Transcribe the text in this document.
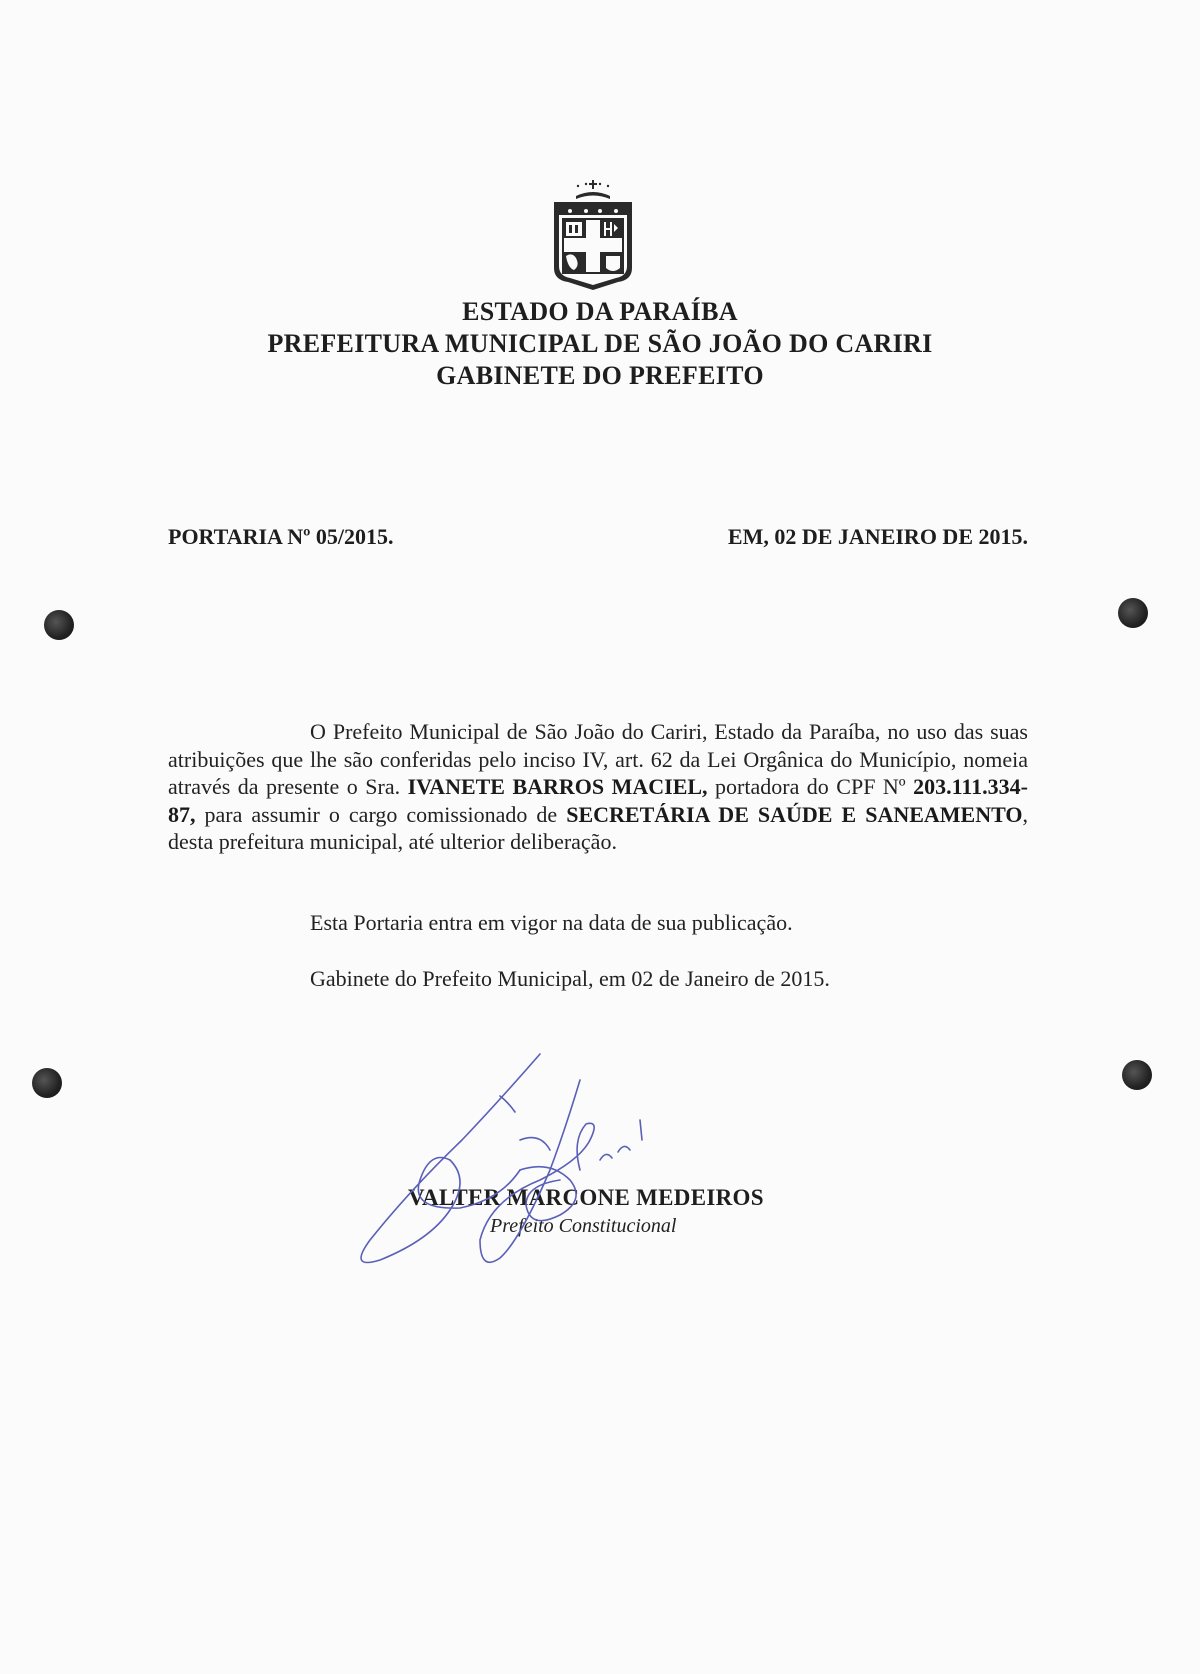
ESTADO DA PARAÍBA
PREFEITURA MUNICIPAL DE SÃO JOÃO DO CARIRI
GABINETE DO PREFEITO
PORTARIA Nº 05/2015.	EM, 02 DE JANEIRO DE 2015.

O Prefeito Municipal de São João do Cariri, Estado da Paraíba, no uso das suas atribuições que lhe são conferidas pelo inciso IV, art. 62 da Lei Orgânica do Município, nomeia através da presente o Sra. IVANETE BARROS MACIEL, portadora do CPF Nº 203.111.334-87, para assumir o cargo comissionado de SECRETÁRIA DE SAÚDE E SANEAMENTO, desta prefeitura municipal, até ulterior deliberação.

Esta Portaria entra em vigor na data de sua publicação.
Gabinete do Prefeito Municipal, em 02 de Janeiro de 2015.
VALTER MARCONE MEDEIROS
Prefeito Constitucional
